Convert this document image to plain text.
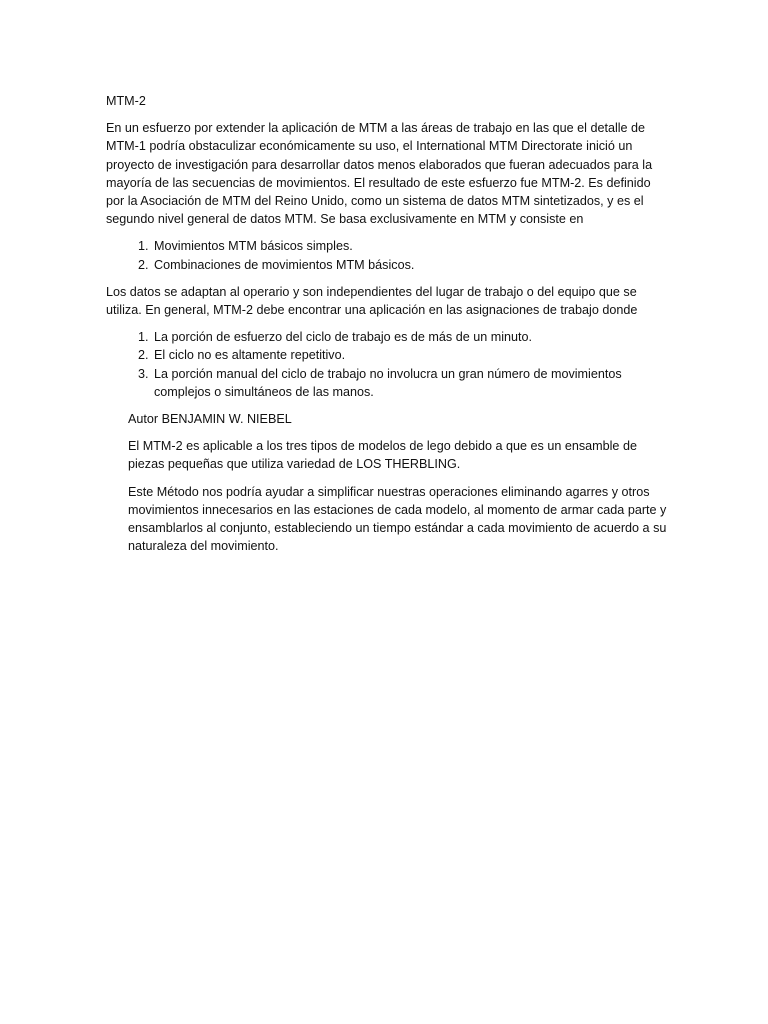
MTM-2

En un esfuerzo por extender la aplicación de MTM a las áreas de trabajo en las que el detalle de MTM-1 podría obstaculizar económicamente su uso, el International MTM Directorate inició un proyecto de investigación para desarrollar datos menos elaborados que fueran adecuados para la mayoría de las secuencias de movimientos. El resultado de este esfuerzo fue MTM-2. Es definido por la Asociación de MTM del Reino Unido, como un sistema de datos MTM sintetizados, y es el segundo nivel general de datos MTM. Se basa exclusivamente en MTM y consiste en

1. Movimientos MTM básicos simples.
2. Combinaciones de movimientos MTM básicos.

Los datos se adaptan al operario y son independientes del lugar de trabajo o del equipo que se utiliza. En general, MTM-2 debe encontrar una aplicación en las asignaciones de trabajo donde

1. La porción de esfuerzo del ciclo de trabajo es de más de un minuto.
2. El ciclo no es altamente repetitivo.
3. La porción manual del ciclo de trabajo no involucra un gran número de movimientos complejos o simultáneos de las manos.

Autor BENJAMIN W. NIEBEL

El MTM-2 es aplicable a los tres tipos de modelos de lego debido a que es un ensamble de piezas pequeñas que utiliza variedad de LOS THERBLING.

Este Método nos podría ayudar a simplificar nuestras operaciones eliminando agarres y otros movimientos innecesarios en las estaciones de cada modelo, al momento de armar cada parte y ensamblarlos al conjunto, estableciendo un tiempo estándar a cada movimiento de acuerdo a su naturaleza del movimiento.
